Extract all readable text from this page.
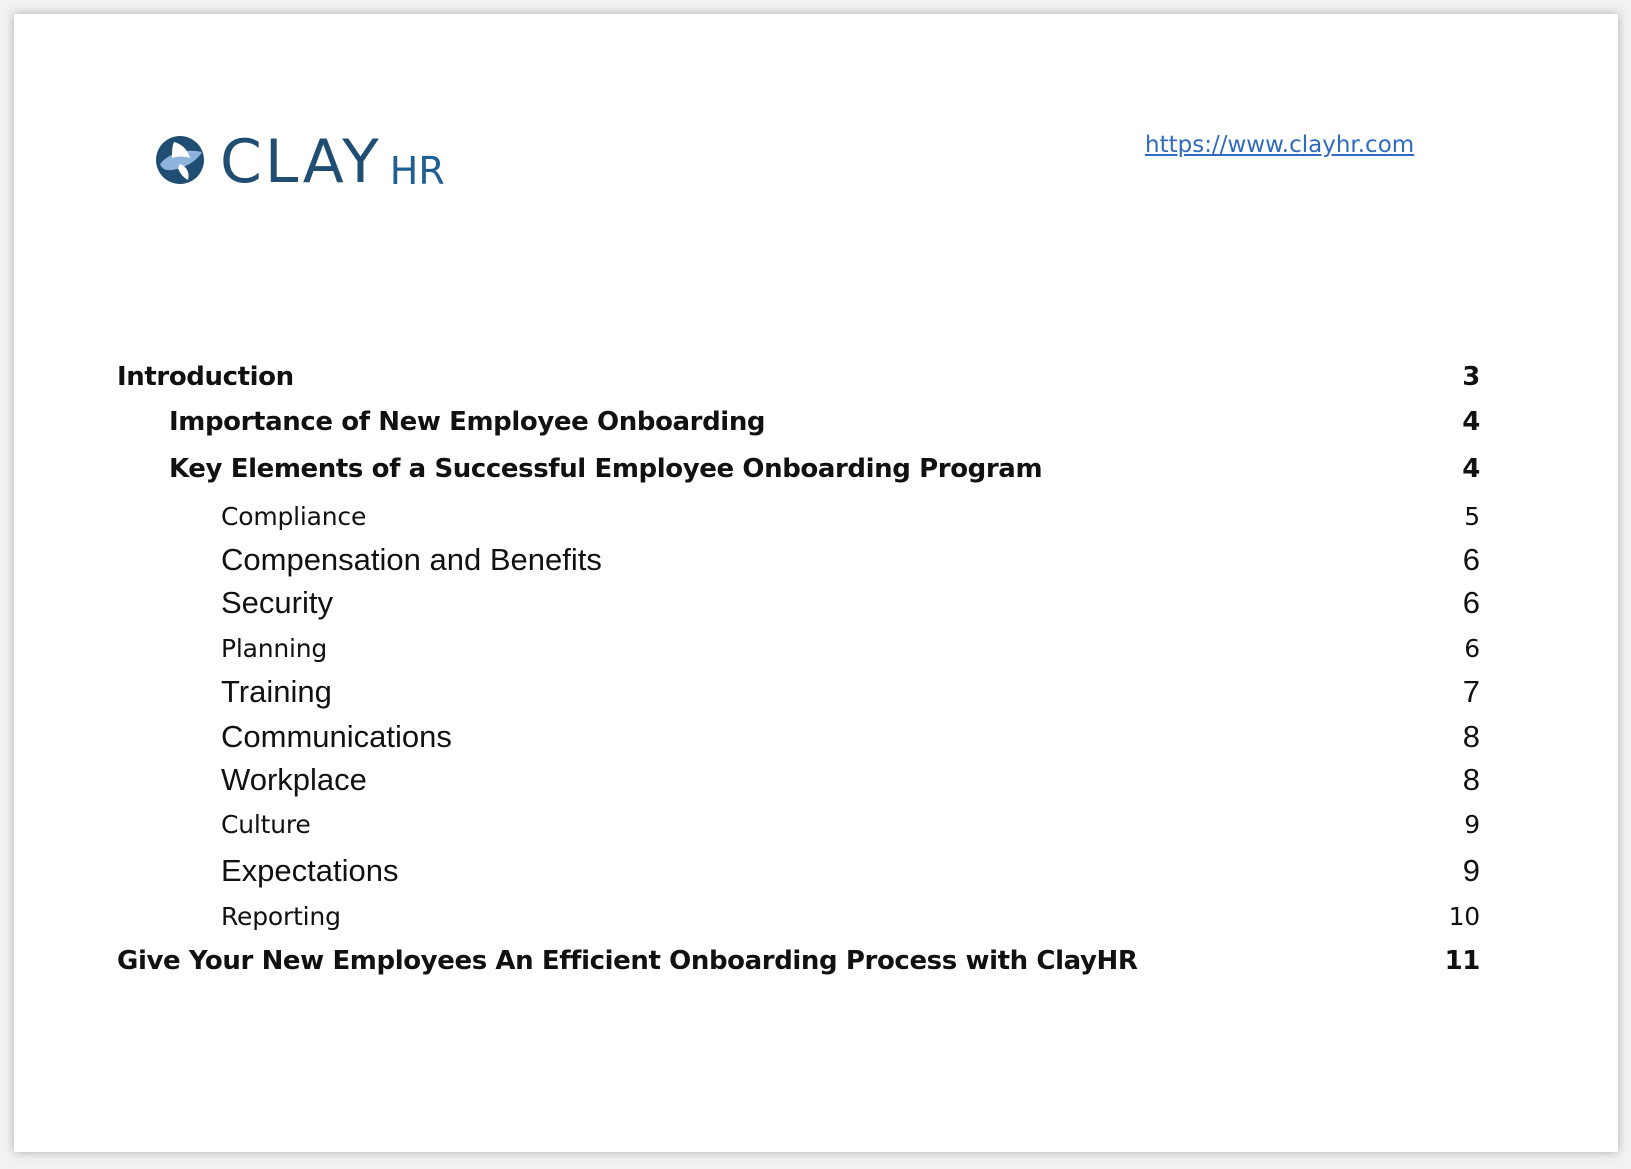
CLAY HR
https://www.clayhr.com
Introduction	3
Importance of New Employee Onboarding	4
Key Elements of a Successful Employee Onboarding Program	4
Compliance	5
Compensation and Benefits	6
Security	6
Planning	6
Training	7
Communications	8
Workplace	8
Culture	9
Expectations	9
Reporting	10
Give Your New Employees An Efficient Onboarding Process with ClayHR	11
